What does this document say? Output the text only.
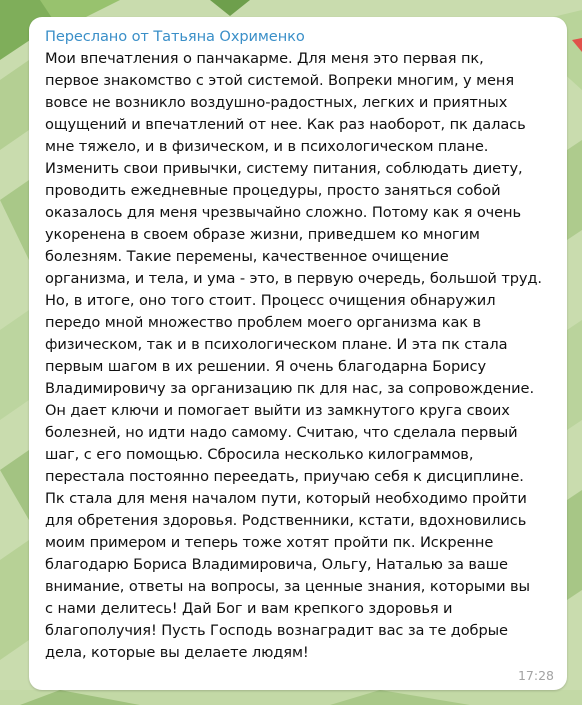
Переслано от Татьяна Охрименко
Мои впечатления о панчакарме. Для меня это первая пк,
первое знакомство с этой системой. Вопреки многим, у меня
вовсе не возникло воздушно-радостных, легких и приятных
ощущений и впечатлений от нее. Как раз наоборот, пк далась
мне тяжело, и в физическом, и в психологическом плане.
Изменить свои привычки, систему питания, соблюдать диету,
проводить ежедневные процедуры, просто заняться собой
оказалось для меня чрезвычайно сложно. Потому как я очень
укоренена в своем образе жизни, приведшем ко многим
болезням. Такие перемены, качественное очищение
организма, и тела, и ума - это, в первую очередь, большой труд.
Но, в итоге, оно того стоит. Процесс очищения обнаружил
передо мной множество проблем моего организма как в
физическом, так и в психологическом плане. И эта пк стала
первым шагом в их решении. Я очень благодарна Борису
Владимировичу за организацию пк для нас, за сопровождение.
Он дает ключи и помогает выйти из замкнутого круга своих
болезней, но идти надо самому. Считаю, что сделала первый
шаг, с его помощью. Сбросила несколько килограммов,
перестала постоянно переедать, приучаю себя к дисциплине.
Пк стала для меня началом пути, который необходимо пройти
для обретения здоровья. Родственники, кстати, вдохновились
моим примером и теперь тоже хотят пройти пк. Искренне
благодарю Бориса Владимировича, Ольгу, Наталью за ваше
внимание, ответы на вопросы, за ценные знания, которыми вы
с нами делитесь! Дай Бог и вам крепкого здоровья и
благополучия! Пусть Господь вознаградит вас за те добрые
дела, которые вы делаете людям!
17:28
